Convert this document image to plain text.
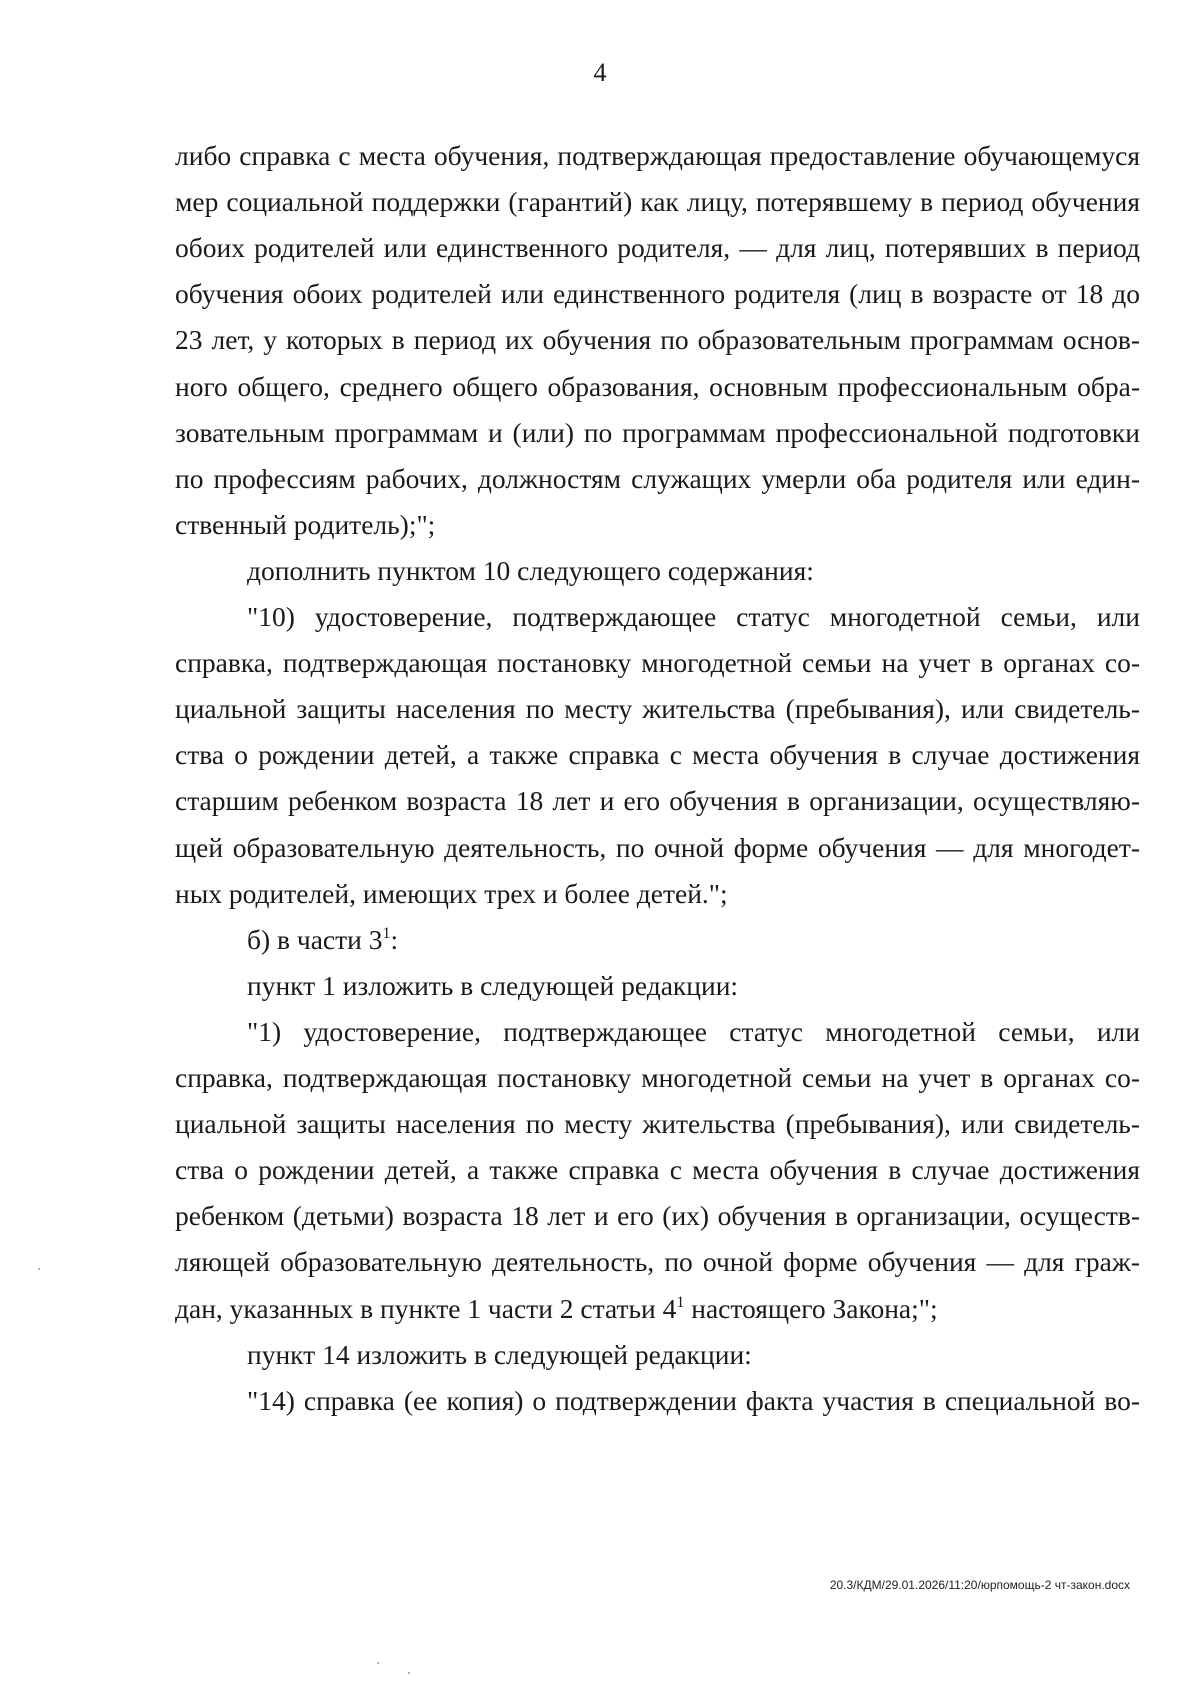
4
либо справка с места обучения, подтверждающая предоставление обучающемуся
мер социальной поддержки (гарантий) как лицу, потерявшему в период обучения
обоих родителей или единственного родителя, — для лиц, потерявших в период
обучения обоих родителей или единственного родителя (лиц в возрасте от 18 до
23 лет, у которых в период их обучения по образовательным программам основ-
ного общего, среднего общего образования, основным профессиональным обра-
зовательным программам и (или) по программам профессиональной подготовки
по профессиям рабочих, должностям служащих умерли оба родителя или един-
ственный родитель);";
дополнить пунктом 10 следующего содержания:
"10) удостоверение, подтверждающее статус многодетной семьи, или
справка, подтверждающая постановку многодетной семьи на учет в органах со-
циальной защиты населения по месту жительства (пребывания), или свидетель-
ства о рождении детей, а также справка с места обучения в случае достижения
старшим ребенком возраста 18 лет и его обучения в организации, осуществляю-
щей образовательную деятельность, по очной форме обучения — для многодет-
ных родителей, имеющих трех и более детей.";
б) в части $3^1$:
пункт 1 изложить в следующей редакции:
"1) удостоверение, подтверждающее статус многодетной семьи, или
справка, подтверждающая постановку многодетной семьи на учет в органах со-
циальной защиты населения по месту жительства (пребывания), или свидетель-
ства о рождении детей, а также справка с места обучения в случае достижения
ребенком (детьми) возраста 18 лет и его (их) обучения в организации, осуществ-
ляющей образовательную деятельность, по очной форме обучения — для граж-
дан, указанных в пункте 1 части 2 статьи $4^1$ настоящего Закона;";
пункт 14 изложить в следующей редакции:
"14) справка (ее копия) о подтверждении факта участия в специальной во-
20.3/КДМ/29.01.2026/11:20/юрпомощь-2 чт-закон.docx
